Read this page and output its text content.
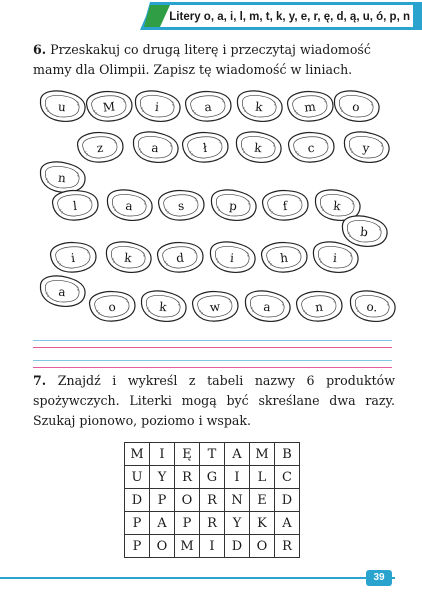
Litery o, a, i, l, m, t, k, y, e, r, ę, d, ą, u, ó, p, n
6. Przeskakuj co drugą literę i przeczytaj wiadomość mamy dla Olimpii. Zapisz tę wiadomość w liniach.
u	M	i	a	k	m	o
z	a	ł	k	c	y
n
l	a	s	p	f	k
b
i	k	d	i	h	i
a
o	k	w	a	n	o.
7. Znajdź i wykreśl z tabeli nazwy 6 produktów spożywczych. Literki mogą być skreślane dwa razy. Szukaj pionowo, poziomo i wspak.
M	I	Ę	T	A	M	B
U	Y	R	G	I	L	C
D	P	O	R	N	E	D
P	A	P	R	Y	K	A
P	O	M	I	D	O	R
39
